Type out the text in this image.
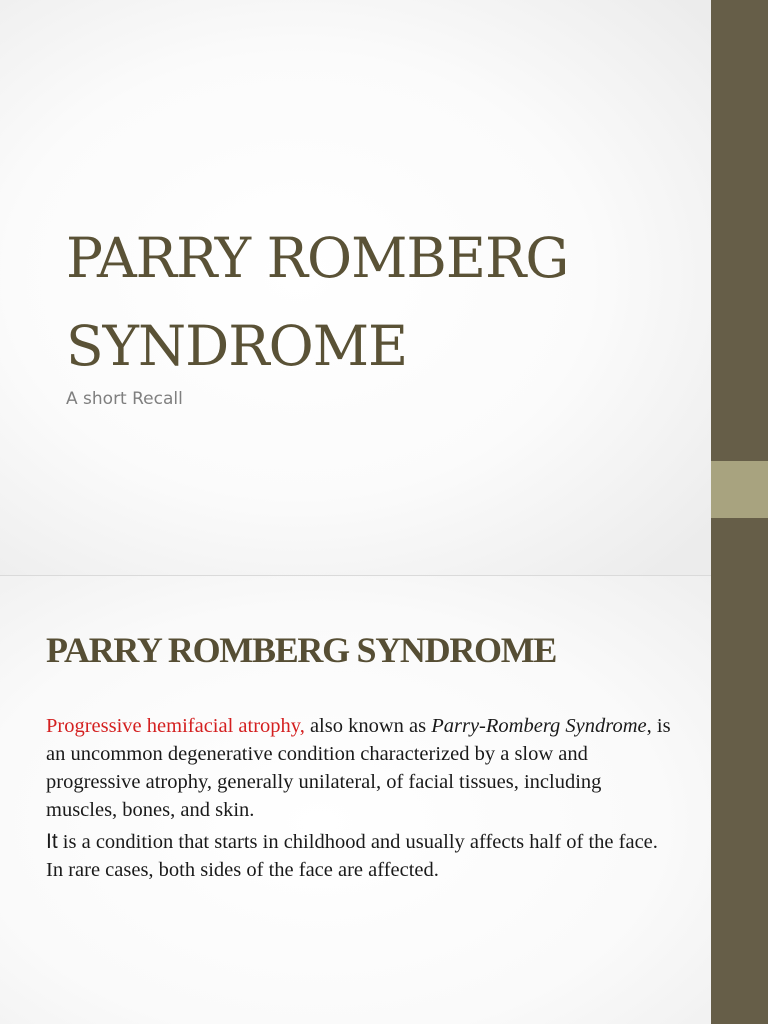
PARRY ROMBERG SYNDROME

A short Recall

PARRY ROMBERG SYNDROME

Progressive hemifacial atrophy, also known as Parry-Romberg Syndrome, is an uncommon degenerative condition characterized by a slow and progressive atrophy, generally unilateral, of facial tissues, including muscles, bones, and skin.

It is a condition that starts in childhood and usually affects half of the face. In rare cases, both sides of the face are affected.
